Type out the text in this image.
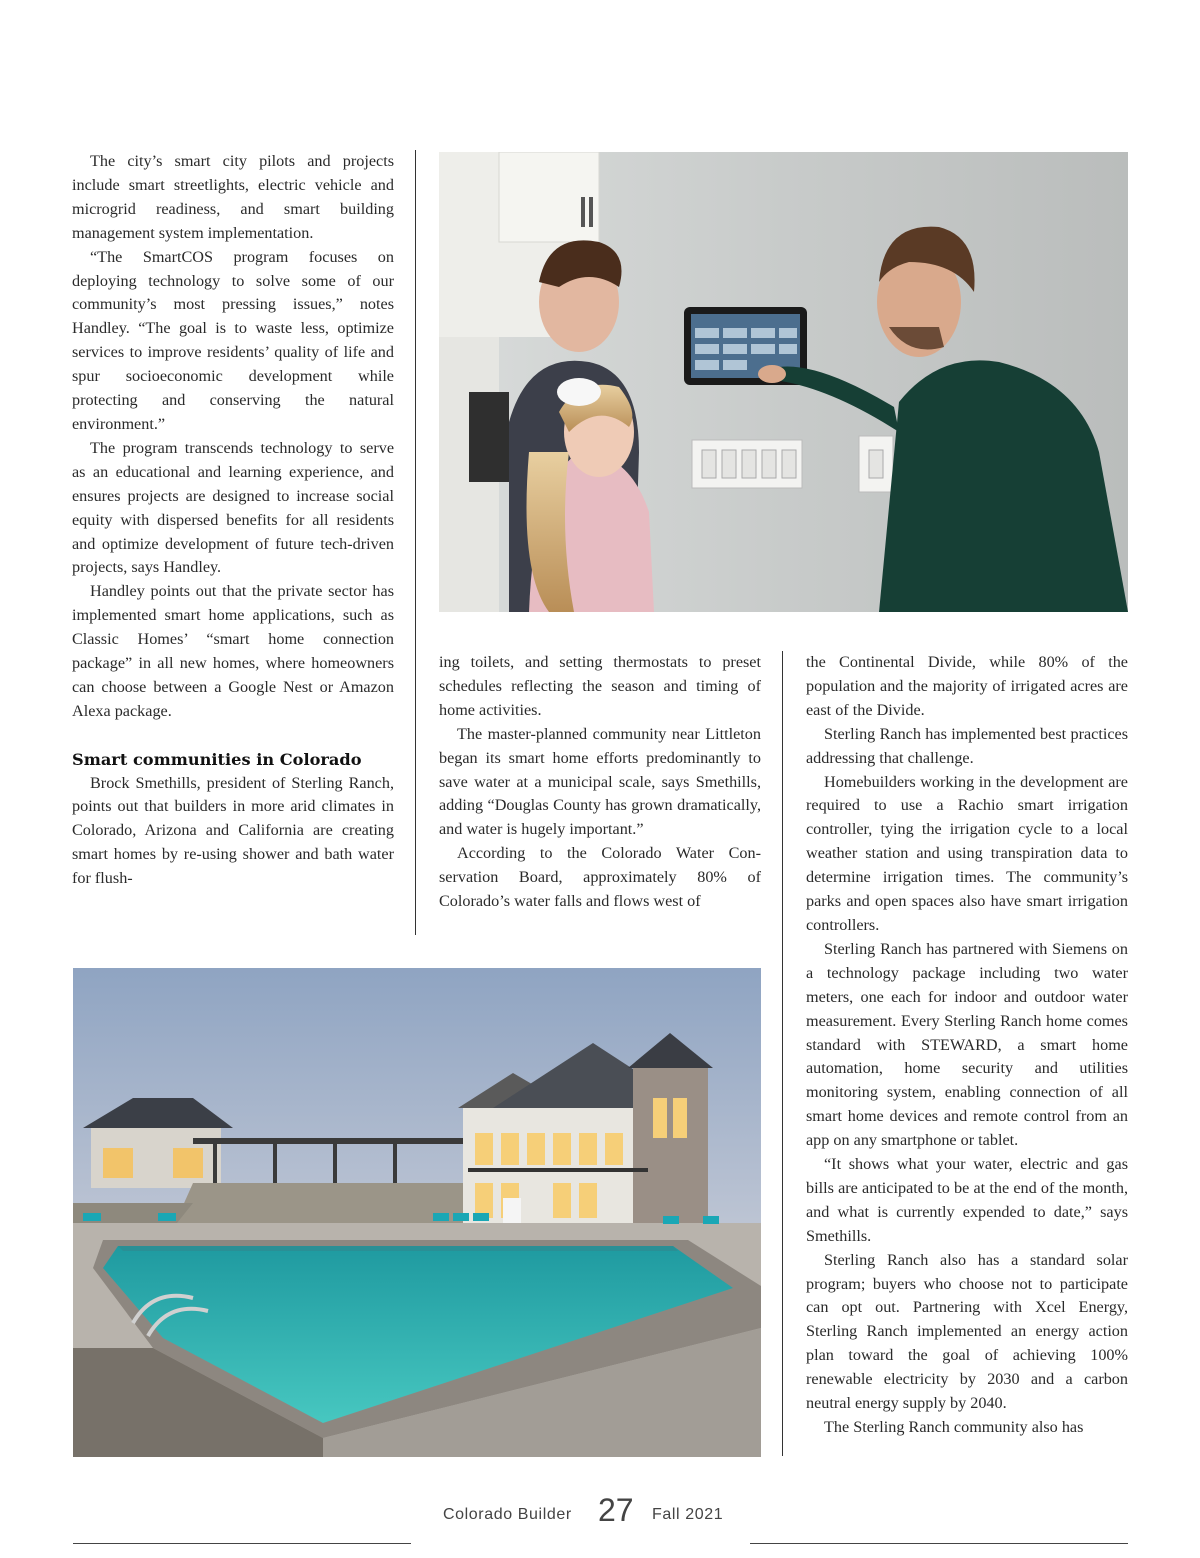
The city’s smart city pilots and projects include smart streetlights, electric vehicle and microgrid readiness, and smart building management system implementation.

“The SmartCOS program focuses on deploying technology to solve some of our community’s most pressing issues,” notes Handley. “The goal is to waste less, optimize services to improve residents’ quality of life and spur socioeconomic development while protecting and conserving the natural environment.”

The program transcends technology to serve as an educational and learning experience, and ensures projects are designed to increase social equity with dispersed benefits for all residents and optimize development of future tech-driven projects, says Handley.

Handley points out that the private sector has implemented smart home applications, such as Classic Homes’ “smart home connection package” in all new homes, where homeowners can choose between a Google Nest or Amazon Alexa package.

Smart communities in Colorado

Brock Smethills, president of Sterling Ranch, points out that builders in more arid climates in Colorado, Arizona and California are creating smart homes by re-using shower and bath water for flush-

ing toilets, and setting thermostats to preset schedules reflecting the season and timing of home activities.

The master-planned community near Littleton began its smart home efforts predominantly to save water at a municipal scale, says Smethills, adding “Douglas County has grown dramatically, and water is hugely important.”

According to the Colorado Water Conservation Board, approximately 80% of Colorado’s water falls and flows west of

the Continental Divide, while 80% of the population and the majority of irrigated acres are east of the Divide.

Sterling Ranch has implemented best practices addressing that challenge.

Homebuilders working in the development are required to use a Rachio smart irrigation controller, tying the irrigation cycle to a local weather station and using transpiration data to determine irrigation times. The community’s parks and open spaces also have smart irrigation controllers.

Sterling Ranch has partnered with Siemens on a technology package including two water meters, one each for indoor and outdoor water measurement. Every Sterling Ranch home comes standard with STEWARD, a smart home automation, home security and utilities monitoring system, enabling connection of all smart home devices and remote control from an app on any smartphone or tablet.

“It shows what your water, electric and gas bills are anticipated to be at the end of the month, and what is currently expended to date,” says Smethills.

Sterling Ranch also has a standard solar program; buyers who choose not to participate can opt out. Partnering with Xcel Energy, Sterling Ranch implemented an energy action plan toward the goal of achieving 100% renewable electricity by 2030 and a carbon neutral energy supply by 2040.

The Sterling Ranch community also has

Colorado Builder 27 Fall 2021
